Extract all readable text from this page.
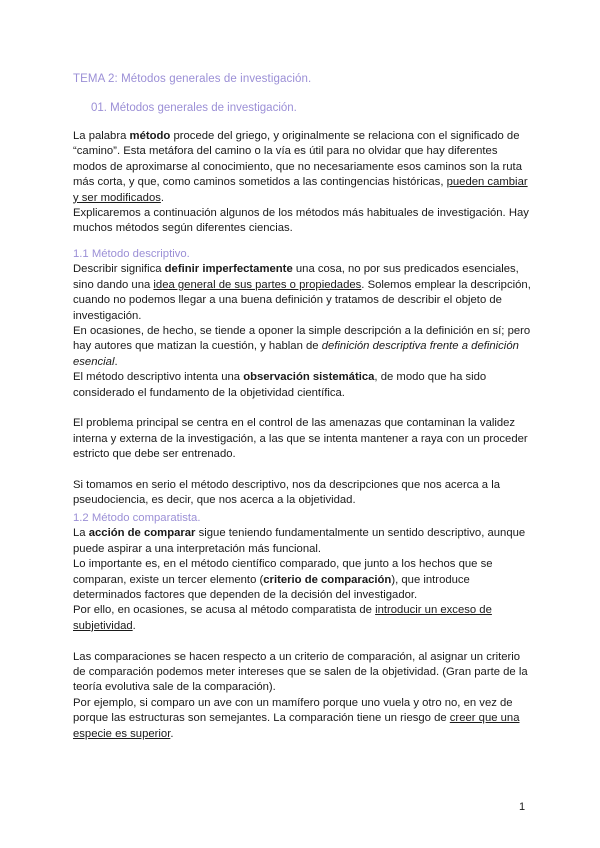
TEMA 2: Métodos generales de investigación.
01. Métodos generales de investigación.

La palabra método procede del griego, y originalmente se relaciona con el significado de “camino”. Esta metáfora del camino o la vía es útil para no olvidar que hay diferentes modos de aproximarse al conocimiento, que no necesariamente esos caminos son la ruta más corta, y que, como caminos sometidos a las contingencias históricas, pueden cambiar y ser modificados.

Explicaremos a continuación algunos de los métodos más habituales de investigación. Hay muchos métodos según diferentes ciencias.

1.1 Método descriptivo.

Describir significa definir imperfectamente una cosa, no por sus predicados esenciales, sino dando una idea general de sus partes o propiedades. Solemos emplear la descripción, cuando no podemos llegar a una buena definición y tratamos de describir el objeto de investigación.

En ocasiones, de hecho, se tiende a oponer la simple descripción a la definición en sí; pero hay autores que matizan la cuestión, y hablan de definición descriptiva frente a definición esencial.

El método descriptivo intenta una observación sistemática, de modo que ha sido considerado el fundamento de la objetividad científica.

El problema principal se centra en el control de las amenazas que contaminan la validez interna y externa de la investigación, a las que se intenta mantener a raya con un proceder estricto que debe ser entrenado.

Si tomamos en serio el método descriptivo, nos da descripciones que nos acerca a la pseudociencia, es decir, que nos acerca a la objetividad.

1.2 Método comparatista.

La acción de comparar sigue teniendo fundamentalmente un sentido descriptivo, aunque puede aspirar a una interpretación más funcional.

Lo importante es, en el método científico comparado, que junto a los hechos que se comparan, existe un tercer elemento (criterio de comparación), que introduce determinados factores que dependen de la decisión del investigador.

Por ello, en ocasiones, se acusa al método comparatista de introducir un exceso de subjetividad.

Las comparaciones se hacen respecto a un criterio de comparación, al asignar un criterio de comparación podemos meter intereses que se salen de la objetividad. (Gran parte de la teoría evolutiva sale de la comparación).

Por ejemplo, si comparo un ave con un mamífero porque uno vuela y otro no, en vez de porque las estructuras son semejantes. La comparación tiene un riesgo de creer que una especie es superior.

1
